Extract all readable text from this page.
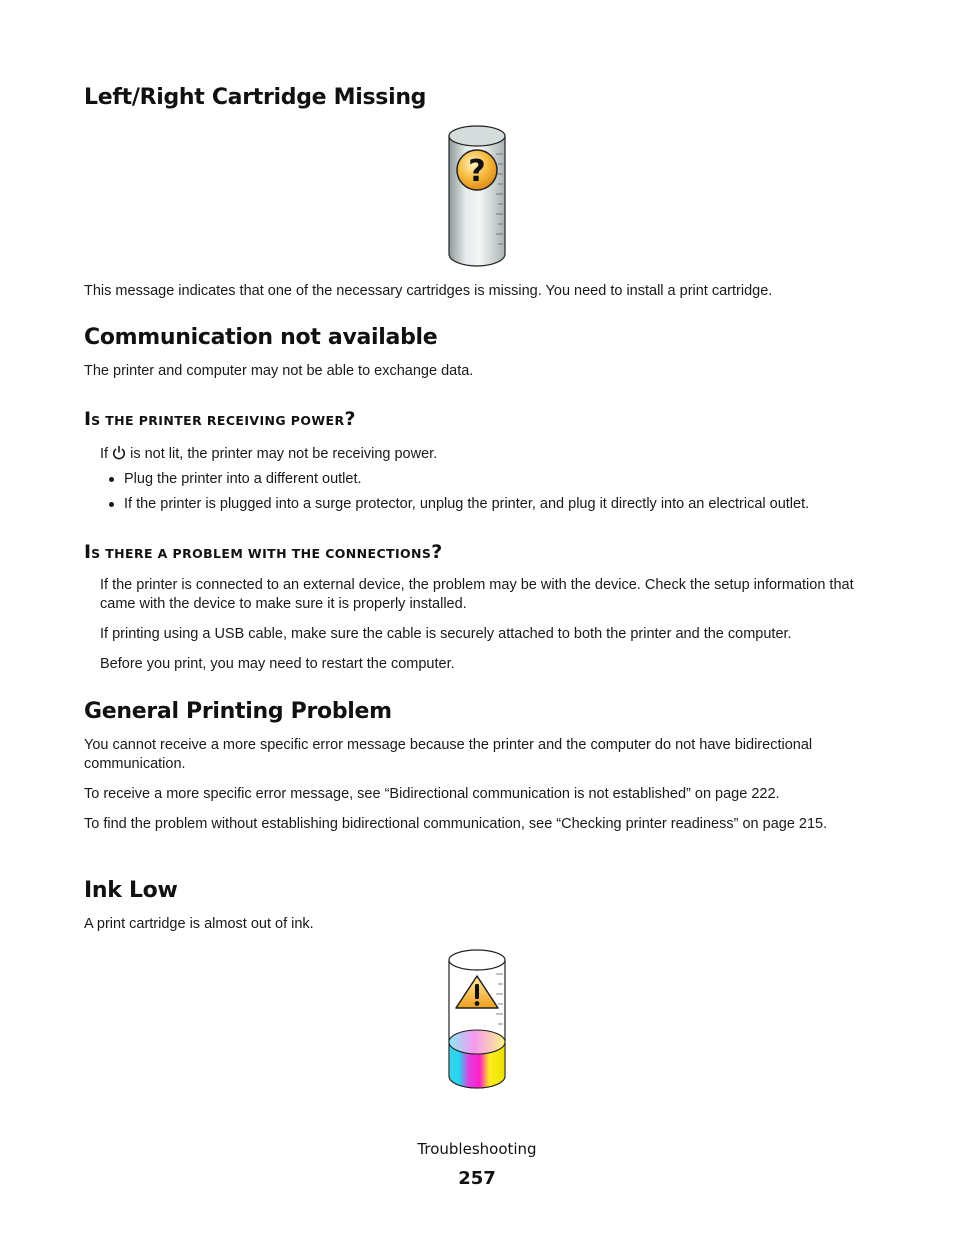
Left/Right Cartridge Missing
?

This message indicates that one of the necessary cartridges is missing. You need to install a print cartridge.

Communication not available

The printer and computer may not be able to exchange data.

IS THE PRINTER RECEIVING POWER?

If  is not lit, the printer may not be receiving power.

Plug the printer into a different outlet.

If the printer is plugged into a surge protector, unplug the printer, and plug it directly into an electrical outlet.

IS THERE A PROBLEM WITH THE CONNECTIONS?

If the printer is connected to an external device, the problem may be with the device. Check the setup information that came with the device to make sure it is properly installed.

If printing using a USB cable, make sure the cable is securely attached to both the printer and the computer.

Before you print, you may need to restart the computer.

General Printing Problem

You cannot receive a more specific error message because the printer and the computer do not have bidirectional communication.

To receive a more specific error message, see “Bidirectional communication is not established” on page 222.

To find the problem without establishing bidirectional communication, see “Checking printer readiness” on page 215.

Ink Low

A print cartridge is almost out of ink.

Troubleshooting
257
